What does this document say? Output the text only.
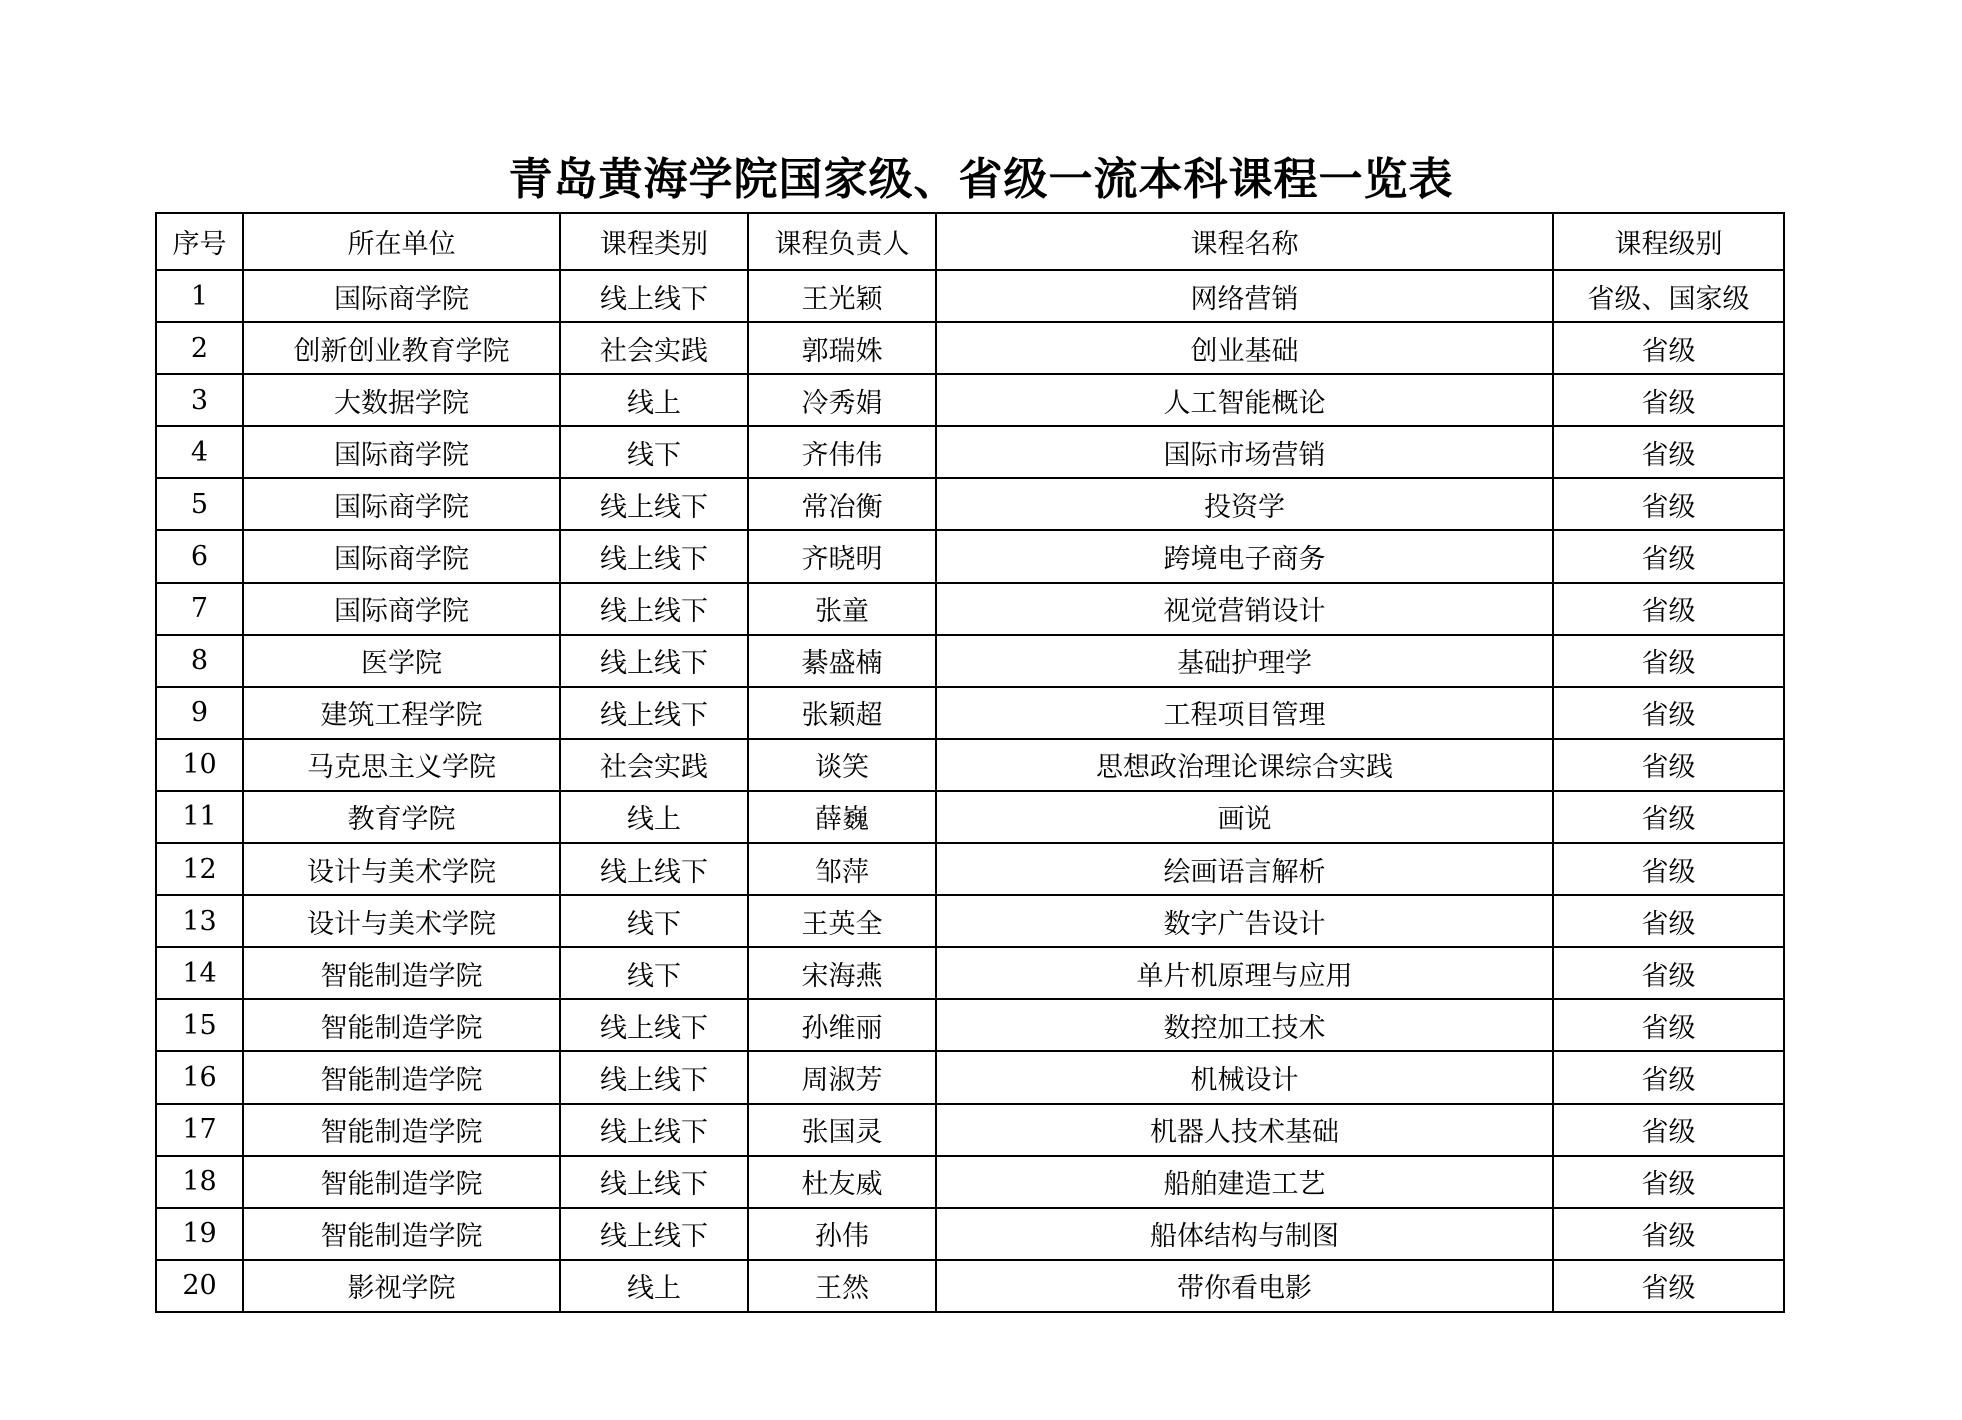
青岛黄海学院国家级、省级一流本科课程一览表
序号	所在单位	课程类别	课程负责人	课程名称	课程级别
1	国际商学院	线上线下	王光颖	网络营销	省级、国家级
2	创新创业教育学院	社会实践	郭瑞姝	创业基础	省级
3	大数据学院	线上	冷秀娟	人工智能概论	省级
4	国际商学院	线下	齐伟伟	国际市场营销	省级
5	国际商学院	线上线下	常冶衡	投资学	省级
6	国际商学院	线上线下	齐晓明	跨境电子商务	省级
7	国际商学院	线上线下	张童	视觉营销设计	省级
8	医学院	线上线下	綦盛楠	基础护理学	省级
9	建筑工程学院	线上线下	张颖超	工程项目管理	省级
10	马克思主义学院	社会实践	谈笑	思想政治理论课综合实践	省级
11	教育学院	线上	薛巍	画说	省级
12	设计与美术学院	线上线下	邹萍	绘画语言解析	省级
13	设计与美术学院	线下	王英全	数字广告设计	省级
14	智能制造学院	线下	宋海燕	单片机原理与应用	省级
15	智能制造学院	线上线下	孙维丽	数控加工技术	省级
16	智能制造学院	线上线下	周淑芳	机械设计	省级
17	智能制造学院	线上线下	张国灵	机器人技术基础	省级
18	智能制造学院	线上线下	杜友威	船舶建造工艺	省级
19	智能制造学院	线上线下	孙伟	船体结构与制图	省级
20	影视学院	线上	王然	带你看电影	省级
